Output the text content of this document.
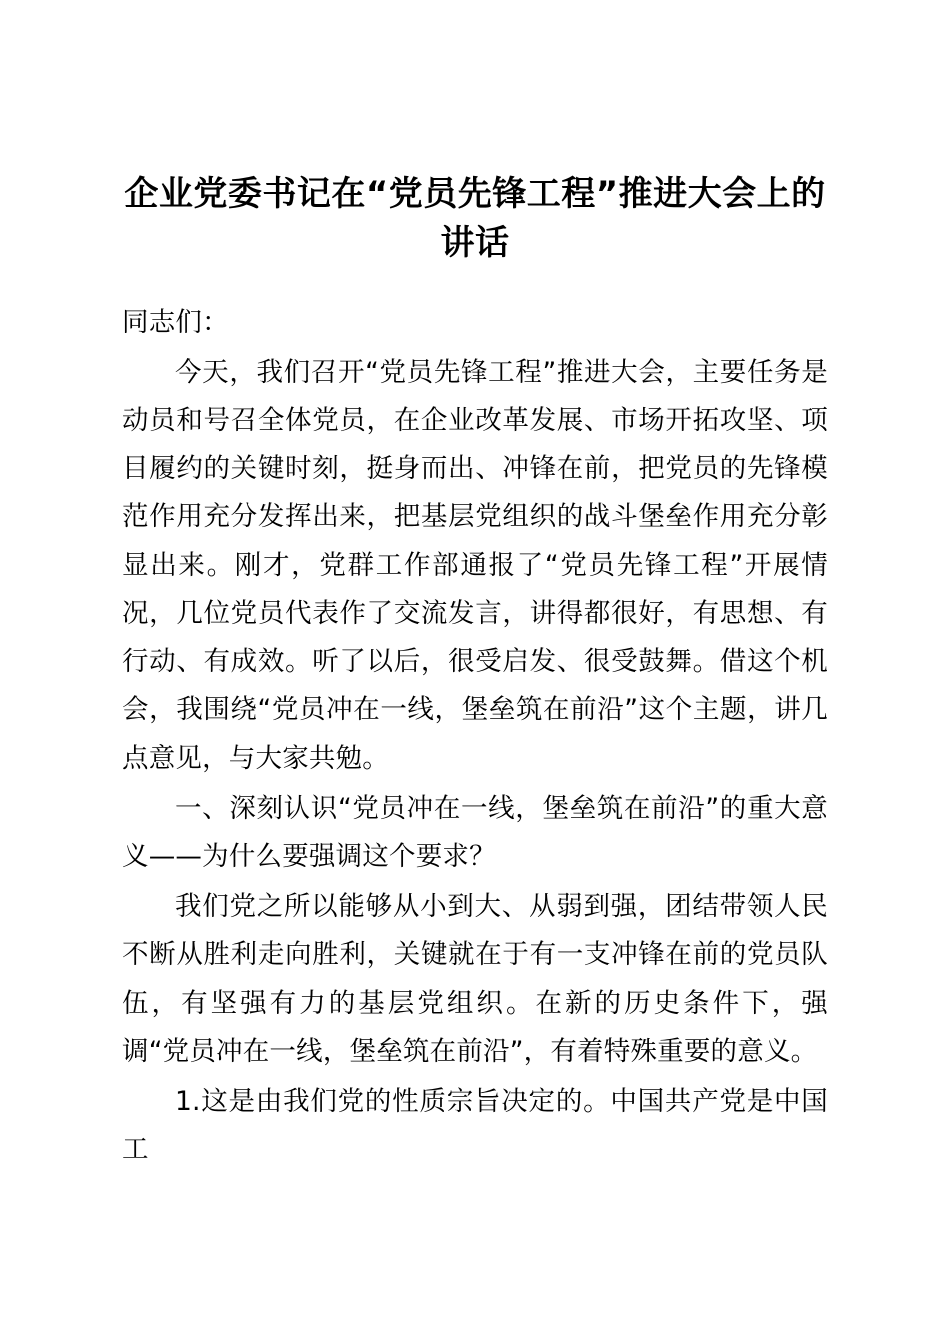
企业党委书记在“党员先锋工程”推进大会上的讲话

同志们：

今天，我们召开“党员先锋工程”推进大会，主要任务是动员和号召全体党员，在企业改革发展、市场开拓攻坚、项目履约的关键时刻，挺身而出、冲锋在前，把党员的先锋模范作用充分发挥出来，把基层党组织的战斗堡垒作用充分彰显出来。刚才，党群工作部通报了“党员先锋工程”开展情况，几位党员代表作了交流发言，讲得都很好，有思想、有行动、有成效。听了以后，很受启发、很受鼓舞。借这个机会，我围绕“党员冲在一线，堡垒筑在前沿”这个主题，讲几点意见，与大家共勉。

一、深刻认识“党员冲在一线，堡垒筑在前沿”的重大意义——为什么要强调这个要求？

我们党之所以能够从小到大、从弱到强，团结带领人民不断从胜利走向胜利，关键就在于有一支冲锋在前的党员队伍，有坚强有力的基层党组织。在新的历史条件下，强调“党员冲在一线，堡垒筑在前沿”，有着特殊重要的意义。

1.这是由我们党的性质宗旨决定的。中国共产党是中国工
